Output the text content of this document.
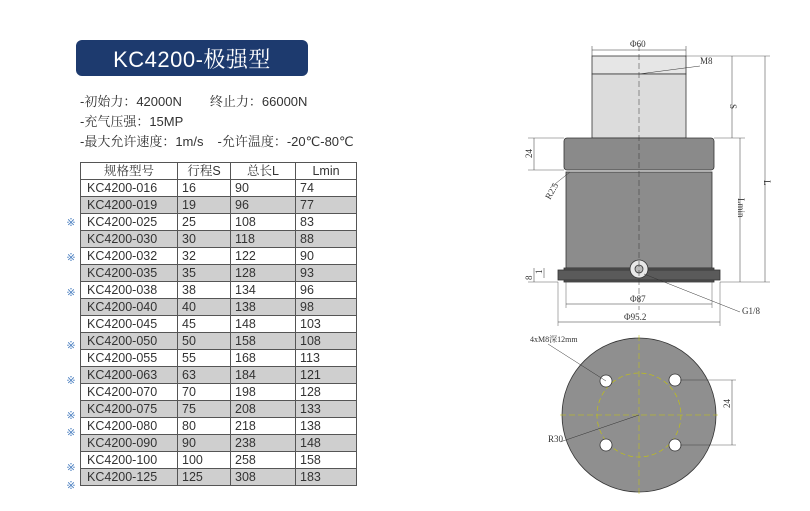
KC4200-极强型
-初始力：42000N 终止力：66000N
-充气压强：15MP
-最大允许速度：1m/s -允许温度：-20℃-80℃
※
※
※
※
※
※
※
※
※
规格型号	行程S	总长L	Lmin
KC4200-016	16	90	74
KC4200-019	19	96	77
KC4200-025	25	108	83
KC4200-030	30	118	88
KC4200-032	32	122	90
KC4200-035	35	128	93
KC4200-038	38	134	96
KC4200-040	40	138	98
KC4200-045	45	148	103
KC4200-050	50	158	108
KC4200-055	55	168	113
KC4200-063	63	184	121
KC4200-070	70	198	128
KC4200-075	75	208	133
KC4200-080	80	218	138
KC4200-090	90	238	148
KC4200-100	100	258	158
KC4200-125	125	308	183
Φ60
M8
S
L
Lmin
24
R2.5
8
1
Φ87
Φ95.2
G1/8
4xM8深12mm
R30
24
